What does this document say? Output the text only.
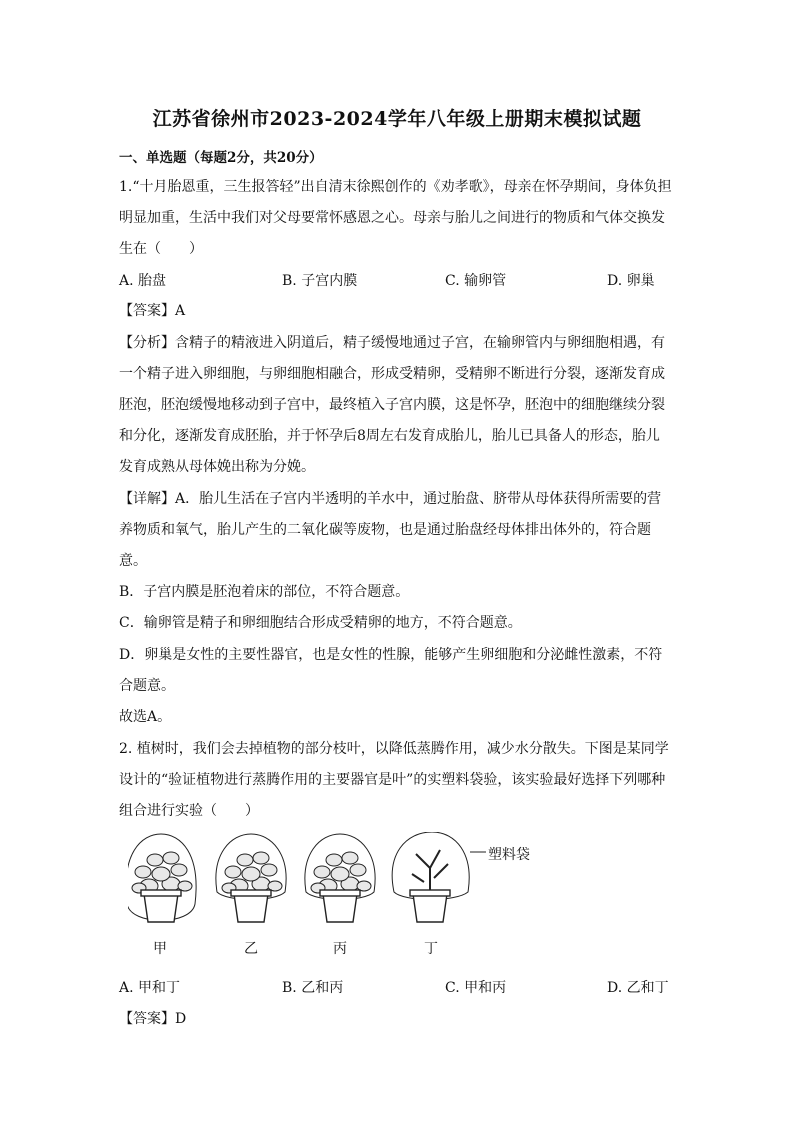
江苏省徐州市2023-2024学年八年级上册期末模拟试题
一、单选题（每题2分，共20分）
1.“十月胎恩重，三生报答轻”出自清末徐熙创作的《劝孝歌》，母亲在怀孕期间，身体负担
明显加重，生活中我们对父母要常怀感恩之心。母亲与胎儿之间进行的物质和气体交换发
生在（　　）
A. 胎盘	B. 子宫内膜	C. 输卵管	D. 卵巢
【答案】A
【分析】含精子的精液进入阴道后，精子缓慢地通过子宫，在输卵管内与卵细胞相遇，有
一个精子进入卵细胞，与卵细胞相融合，形成受精卵，受精卵不断进行分裂，逐渐发育成
胚泡，胚泡缓慢地移动到子宫中，最终植入子宫内膜，这是怀孕，胚泡中的细胞继续分裂
和分化，逐渐发育成胚胎，并于怀孕后8周左右发育成胎儿，胎儿已具备人的形态，胎儿
发育成熟从母体娩出称为分娩。
【详解】A．胎儿生活在子宫内半透明的羊水中，通过胎盘、脐带从母体获得所需要的营
养物质和氧气，胎儿产生的二氧化碳等废物，也是通过胎盘经母体排出体外的，符合题
意。
B．子宫内膜是胚泡着床的部位，不符合题意。
C．输卵管是精子和卵细胞结合形成受精卵的地方，不符合题意。
D．卵巢是女性的主要性器官，也是女性的性腺，能够产生卵细胞和分泌雌性激素，不符
合题意。
故选A。
2. 植树时，我们会去掉植物的部分枝叶，以降低蒸腾作用，减少水分散失。下图是某同学
设计的“验证植物进行蒸腾作用的主要器官是叶”的实塑料袋验，该实验最好选择下列哪种
组合进行实验（　　）
甲	乙	丙	丁
塑料袋
A. 甲和丁	B. 乙和丙	C. 甲和丙	D. 乙和丁
【答案】D
